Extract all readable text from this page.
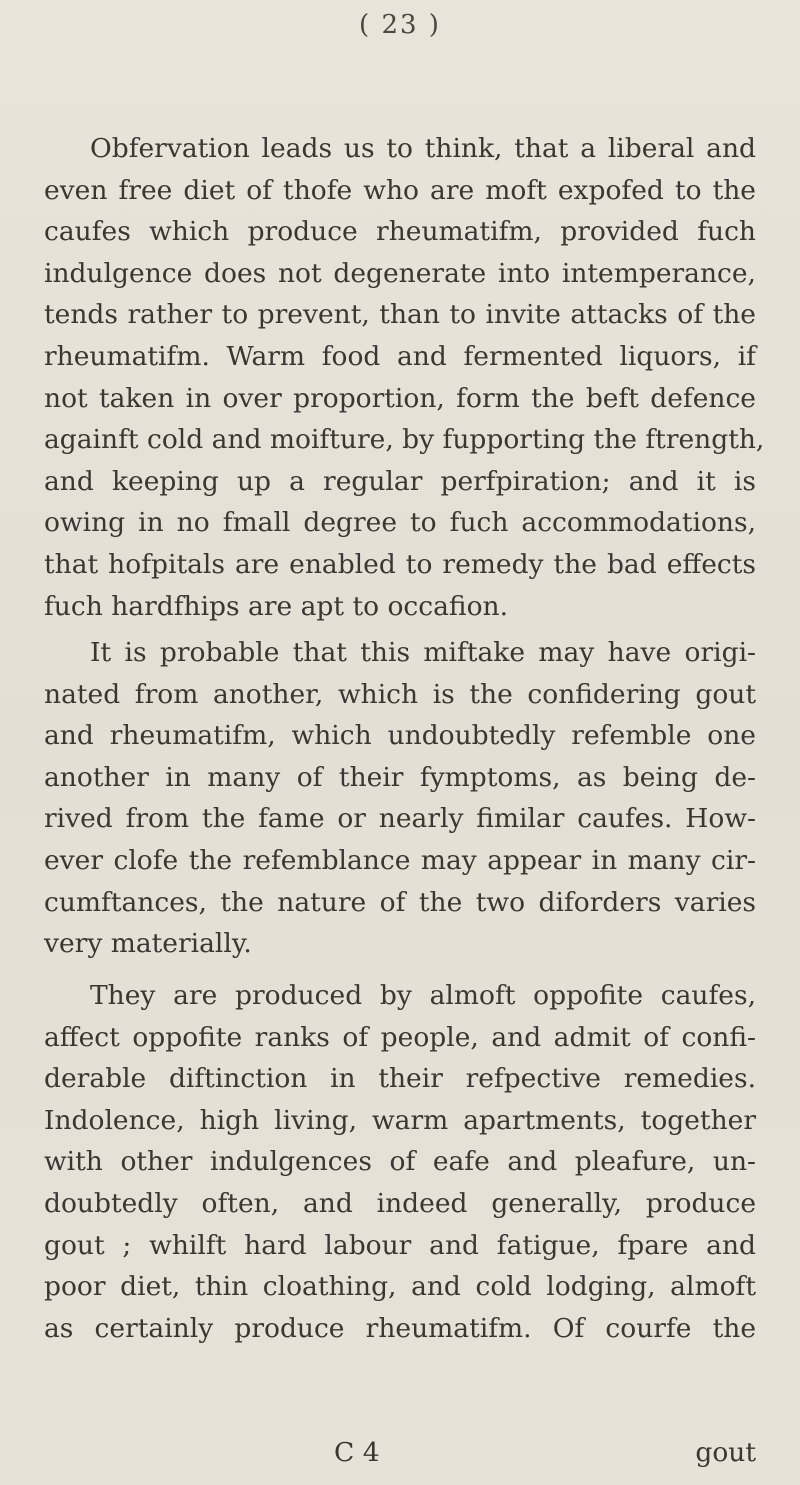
( 23 )
Obfervation leads us to think, that a liberal and
even free diet of thofe who are moft expofed to the
caufes which produce rheumatifm, provided fuch
indulgence does not degenerate into intemperance,
tends rather to prevent, than to invite attacks of the
rheumatifm. Warm food and fermented liquors, if
not taken in over proportion, form the beft defence
againft cold and moifture, by fupporting the ftrength,
and keeping up a regular perfpiration; and it is
owing in no fmall degree to fuch accommodations,
that hofpitals are enabled to remedy the bad effects
fuch hardfhips are apt to occafion.
It is probable that this miftake may have origi-
nated from another, which is the confidering gout
and rheumatifm, which undoubtedly refemble one
another in many of their fymptoms, as being de-
rived from the fame or nearly fimilar caufes. How-
ever clofe the refemblance may appear in many cir-
cumftances, the nature of the two diforders varies
very materially.
They are produced by almoft oppofite caufes,
affect oppofite ranks of people, and admit of confi-
derable diftinction in their refpective remedies.
Indolence, high living, warm apartments, together
with other indulgences of eafe and pleafure, un-
doubtedly often, and indeed generally, produce
gout ; whilft hard labour and fatigue, fpare and
poor diet, thin cloathing, and cold lodging, almoft
as certainly produce rheumatifm. Of courfe the
C 4	gout
